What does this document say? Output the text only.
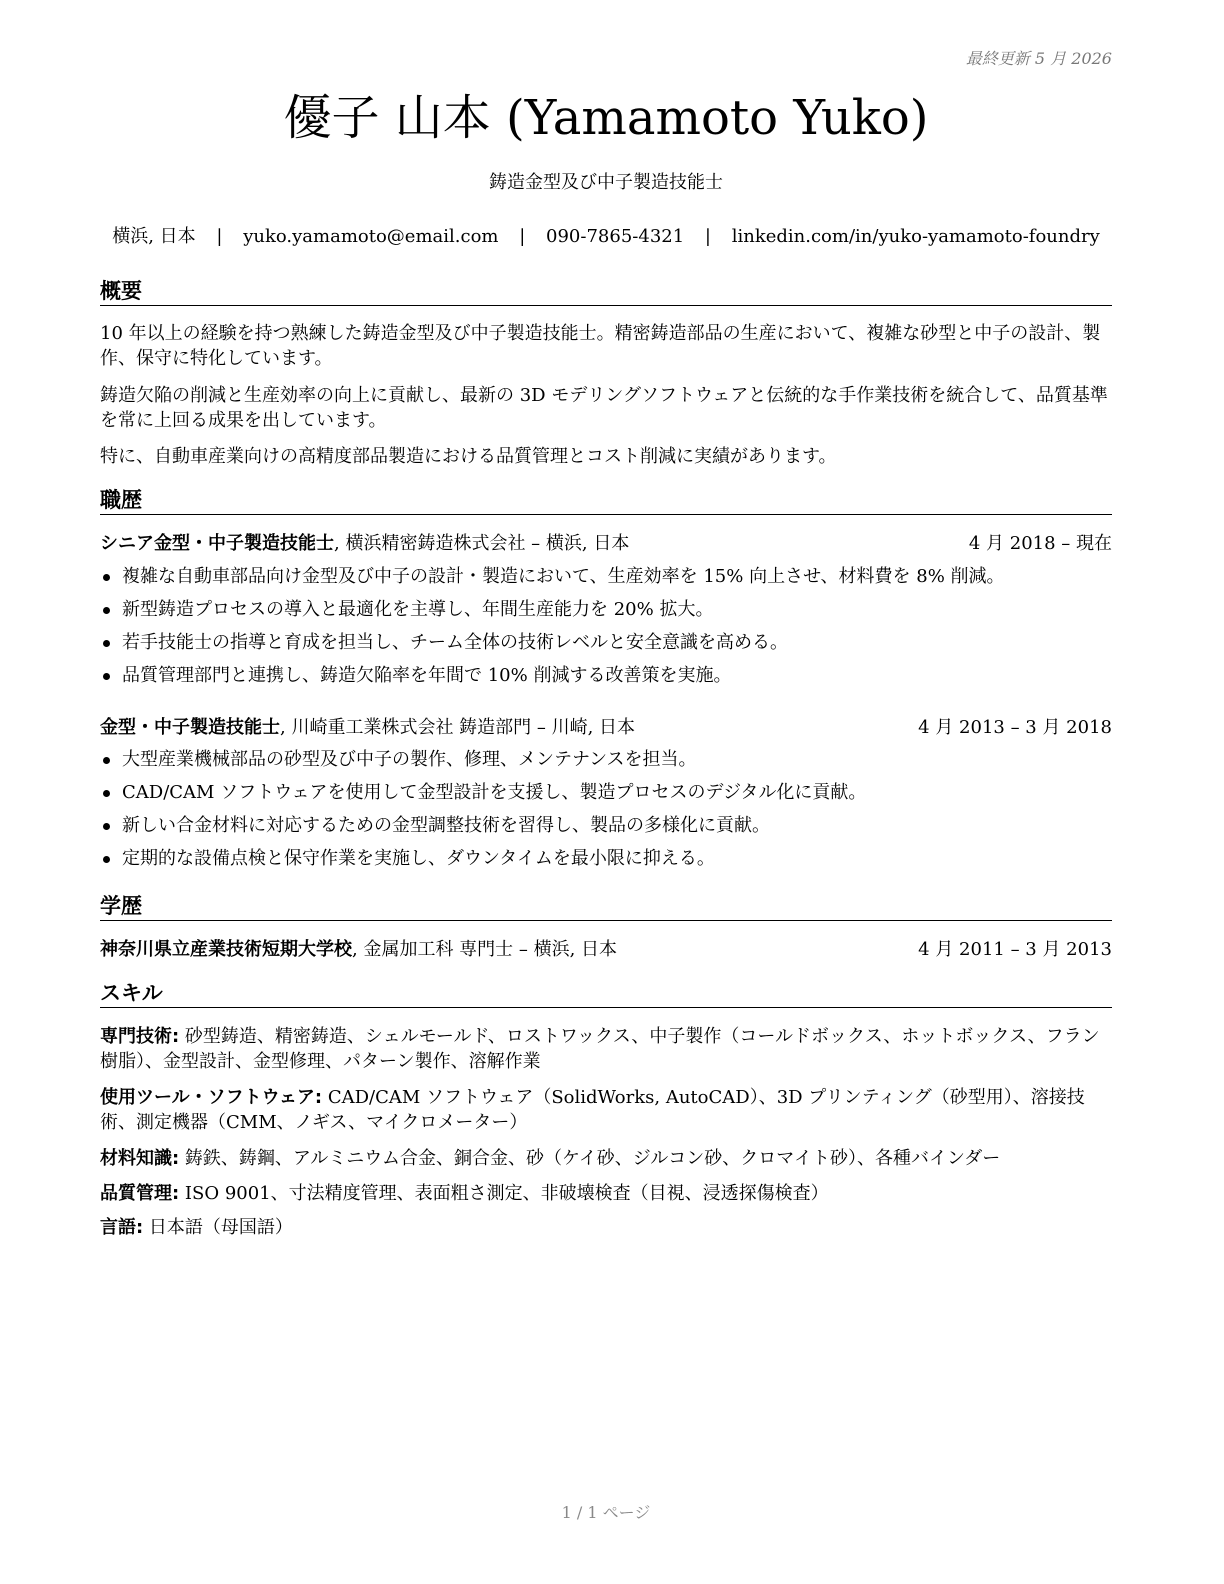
最終更新 5 月 2026
優子 山本 (Yamamoto Yuko)
鋳造金型及び中子製造技能士
横浜, 日本 | yuko.yamamoto@email.com | 090-7865-4321 | linkedin.com/in/yuko-yamamoto-foundry
概要
10 年以上の経験を持つ熟練した鋳造金型及び中子製造技能士。精密鋳造部品の生産において、複雑な砂型と中子の設計、製作、保守に特化しています。
鋳造欠陥の削減と生産効率の向上に貢献し、最新の 3D モデリングソフトウェアと伝統的な手作業技術を統合して、品質基準を常に上回る成果を出しています。
特に、自動車産業向けの高精度部品製造における品質管理とコスト削減に実績があります。
職歴
シニア金型・中子製造技能士, 横浜精密鋳造株式会社 – 横浜, 日本	4 月 2018 – 現在
複雑な自動車部品向け金型及び中子の設計・製造において、生産効率を 15% 向上させ、材料費を 8% 削減。
新型鋳造プロセスの導入と最適化を主導し、年間生産能力を 20% 拡大。
若手技能士の指導と育成を担当し、チーム全体の技術レベルと安全意識を高める。
品質管理部門と連携し、鋳造欠陥率を年間で 10% 削減する改善策を実施。
金型・中子製造技能士, 川崎重工業株式会社 鋳造部門 – 川崎, 日本	4 月 2013 – 3 月 2018
大型産業機械部品の砂型及び中子の製作、修理、メンテナンスを担当。
CAD/CAM ソフトウェアを使用して金型設計を支援し、製造プロセスのデジタル化に貢献。
新しい合金材料に対応するための金型調整技術を習得し、製品の多様化に貢献。
定期的な設備点検と保守作業を実施し、ダウンタイムを最小限に抑える。
学歴
神奈川県立産業技術短期大学校, 金属加工科 専門士 – 横浜, 日本	4 月 2011 – 3 月 2013
スキル
専門技術: 砂型鋳造、精密鋳造、シェルモールド、ロストワックス、中子製作（コールドボックス、ホットボックス、フラン樹脂）、金型設計、金型修理、パターン製作、溶解作業
使用ツール・ソフトウェア: CAD/CAM ソフトウェア（SolidWorks, AutoCAD）、3D プリンティング（砂型用）、溶接技術、測定機器（CMM、ノギス、マイクロメーター）
材料知識: 鋳鉄、鋳鋼、アルミニウム合金、銅合金、砂（ケイ砂、ジルコン砂、クロマイト砂）、各種バインダー
品質管理: ISO 9001、寸法精度管理、表面粗さ測定、非破壊検査（目視、浸透探傷検査）
言語: 日本語（母国語）
1 / 1 ページ
